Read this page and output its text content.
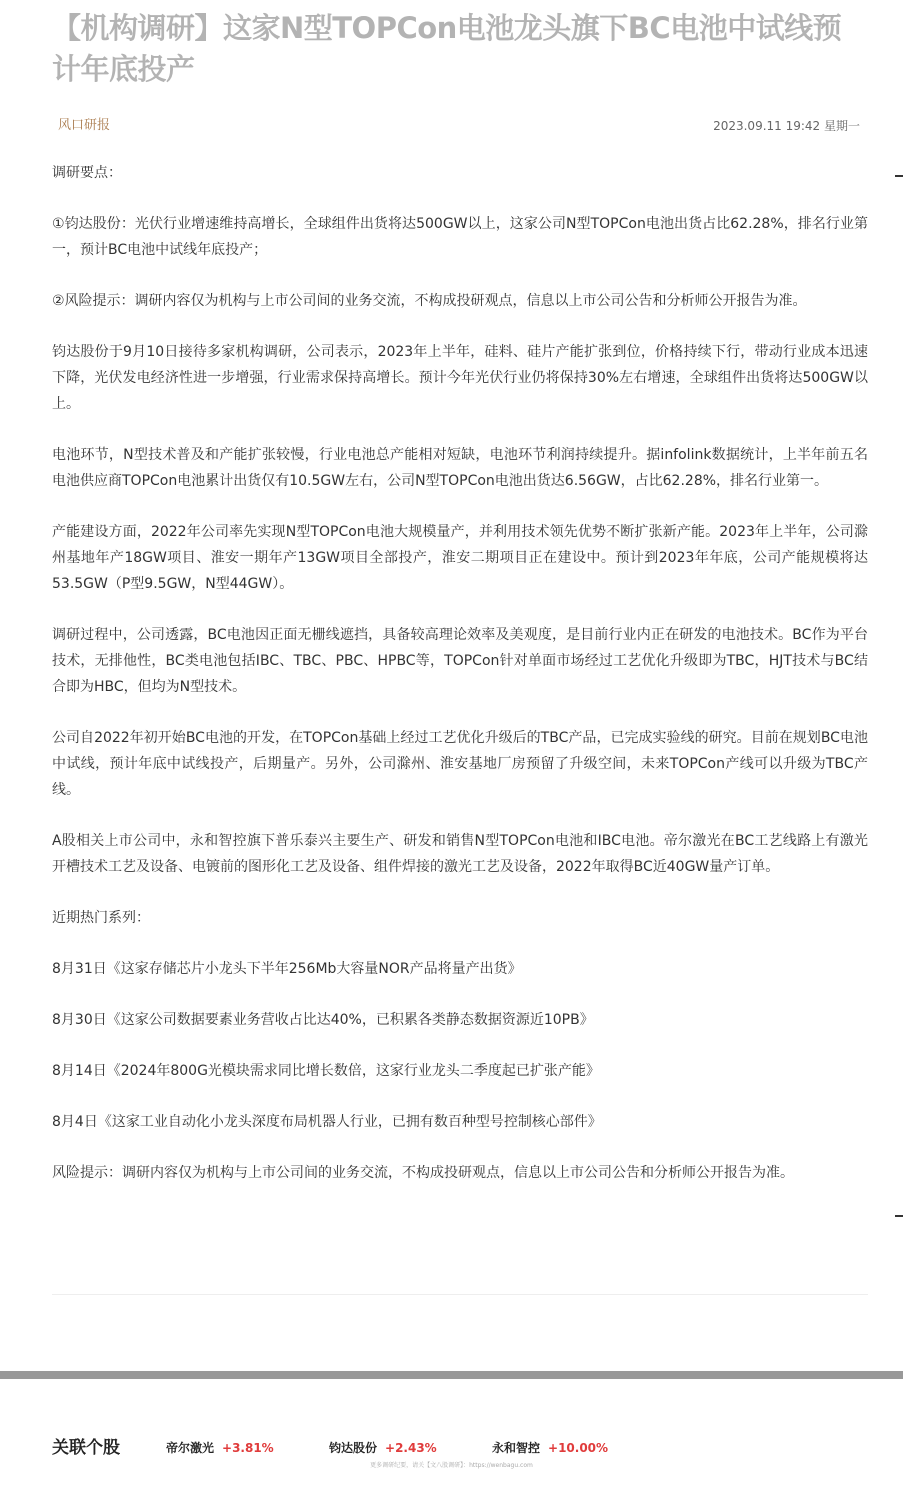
【机构调研】这家N型TOPCon电池龙头旗下BC电池中试线预计年底投产
风口研报	2023.09.11 19:42 星期一

调研要点：

①钧达股份：光伏行业增速维持高增长，全球组件出货将达500GW以上，这家公司N型TOPCon电池出货占比62.28%，排名行业第一，预计BC电池中试线年底投产；

②风险提示：调研内容仅为机构与上市公司间的业务交流，不构成投研观点，信息以上市公司公告和分析师公开报告为准。

钧达股份于9月10日接待多家机构调研，公司表示，2023年上半年，硅料、硅片产能扩张到位，价格持续下行，带动行业成本迅速下降，光伏发电经济性进一步增强，行业需求保持高增长。预计今年光伏行业仍将保持30%左右增速，全球组件出货将达500GW以上。

电池环节，N型技术普及和产能扩张较慢，行业电池总产能相对短缺，电池环节利润持续提升。据infolink数据统计，上半年前五名电池供应商TOPCon电池累计出货仅有10.5GW左右，公司N型TOPCon电池出货达6.56GW，占比62.28%，排名行业第一。

产能建设方面，2022年公司率先实现N型TOPCon电池大规模量产，并利用技术领先优势不断扩张新产能。2023年上半年，公司滁州基地年产18GW项目、淮安一期年产13GW项目全部投产，淮安二期项目正在建设中。预计到2023年年底，公司产能规模将达53.5GW（P型9.5GW，N型44GW）。

调研过程中，公司透露，BC电池因正面无栅线遮挡，具备较高理论效率及美观度，是目前行业内正在研发的电池技术。BC作为平台技术，无排他性，BC类电池包括IBC、TBC、PBC、HPBC等，TOPCon针对单面市场经过工艺优化升级即为TBC，HJT技术与BC结合即为HBC，但均为N型技术。

公司自2022年初开始BC电池的开发，在TOPCon基础上经过工艺优化升级后的TBC产品，已完成实验线的研究。目前在规划BC电池中试线，预计年底中试线投产，后期量产。另外，公司滁州、淮安基地厂房预留了升级空间，未来TOPCon产线可以升级为TBC产线。

A股相关上市公司中，永和智控旗下普乐泰兴主要生产、研发和销售N型TOPCon电池和IBC电池。帝尔激光在BC工艺线路上有激光开槽技术工艺及设备、电镀前的图形化工艺及设备、组件焊接的激光工艺及设备，2022年取得BC近40GW量产订单。

近期热门系列：

8月31日《这家存储芯片小龙头下半年256Mb大容量NOR产品将量产出货》

8月30日《这家公司数据要素业务营收占比达40%，已积累各类静态数据资源近10PB》

8月14日《2024年800G光模块需求同比增长数倍，这家行业龙头二季度起已扩张产能》

8月4日《这家工业自动化小龙头深度布局机器人行业，已拥有数百种型号控制核心部件》

风险提示：调研内容仅为机构与上市公司间的业务交流，不构成投研观点，信息以上市公司公告和分析师公开报告为准。

关联个股	帝尔激光 +3.81%	钧达股份 +2.43%	永和智控 +10.00%
更多调研纪要，请关【文八股调研】：https://wenbagu.com
